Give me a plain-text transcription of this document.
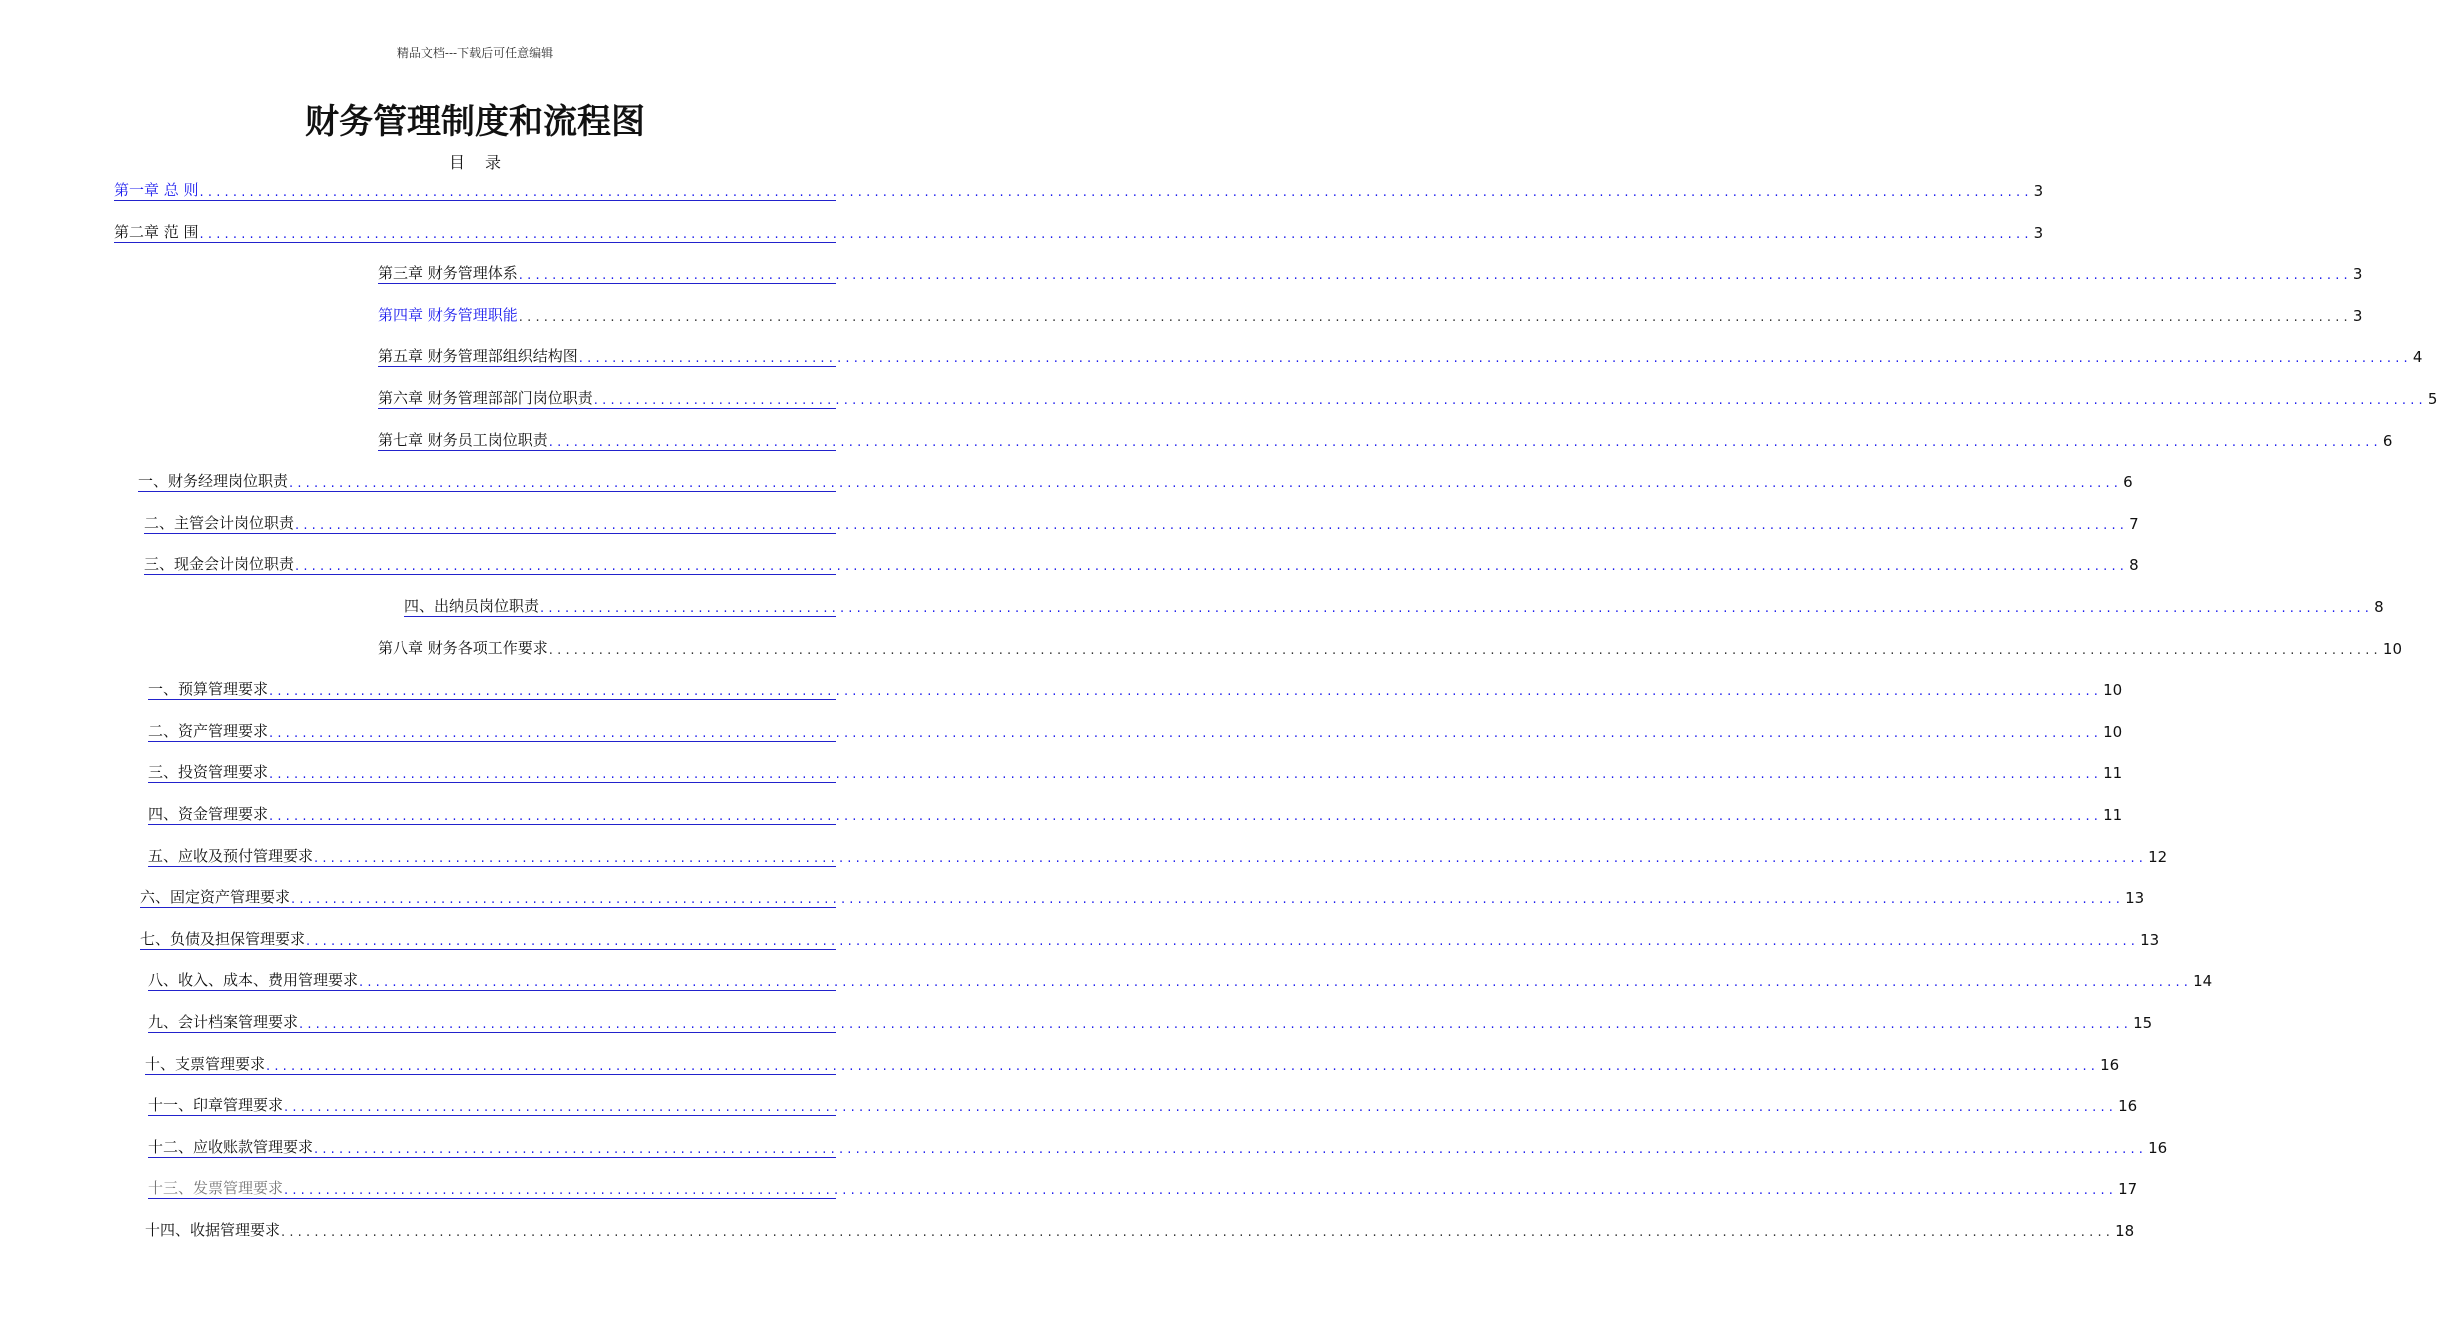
精品文档---下载后可任意编辑
财务管理制度和流程图
目录
第一章 总 则 ............................................................................................................................................................................................................................ 3
第二章 范 围 ............................................................................................................................................................................................................................ 3
第三章 财务管理体系 ............................................................................................................................................................................................................................ 3
第四章 财务管理职能 ............................................................................................................................................................................................................................ 3
第五章 财务管理部组织结构图 ............................................................................................................................................................................................................................ 4
第六章 财务管理部部门岗位职责 ............................................................................................................................................................................................................................ 5
第七章 财务员工岗位职责 ............................................................................................................................................................................................................................ 6
一、财务经理岗位职责 ............................................................................................................................................................................................................................ 6
二、主管会计岗位职责 ............................................................................................................................................................................................................................ 7
三、现金会计岗位职责 ............................................................................................................................................................................................................................ 8
四、出纳员岗位职责 ............................................................................................................................................................................................................................ 8
第八章 财务各项工作要求 ............................................................................................................................................................................................................................ 10
一、预算管理要求 ............................................................................................................................................................................................................................ 10
二、资产管理要求 ............................................................................................................................................................................................................................ 10
三、投资管理要求 ............................................................................................................................................................................................................................ 11
四、资金管理要求 ............................................................................................................................................................................................................................ 11
五、应收及预付管理要求 ............................................................................................................................................................................................................................ 12
六、固定资产管理要求 ............................................................................................................................................................................................................................ 13
七、负债及担保管理要求 ............................................................................................................................................................................................................................ 13
八、收入、成本、费用管理要求 ............................................................................................................................................................................................................................ 14
九、会计档案管理要求 ............................................................................................................................................................................................................................ 15
十、支票管理要求 ............................................................................................................................................................................................................................ 16
十一、印章管理要求 ............................................................................................................................................................................................................................ 16
十二、应收账款管理要求 ............................................................................................................................................................................................................................ 16
十三、发票管理要求 ............................................................................................................................................................................................................................ 17
十四、收据管理要求 ............................................................................................................................................................................................................................ 18
